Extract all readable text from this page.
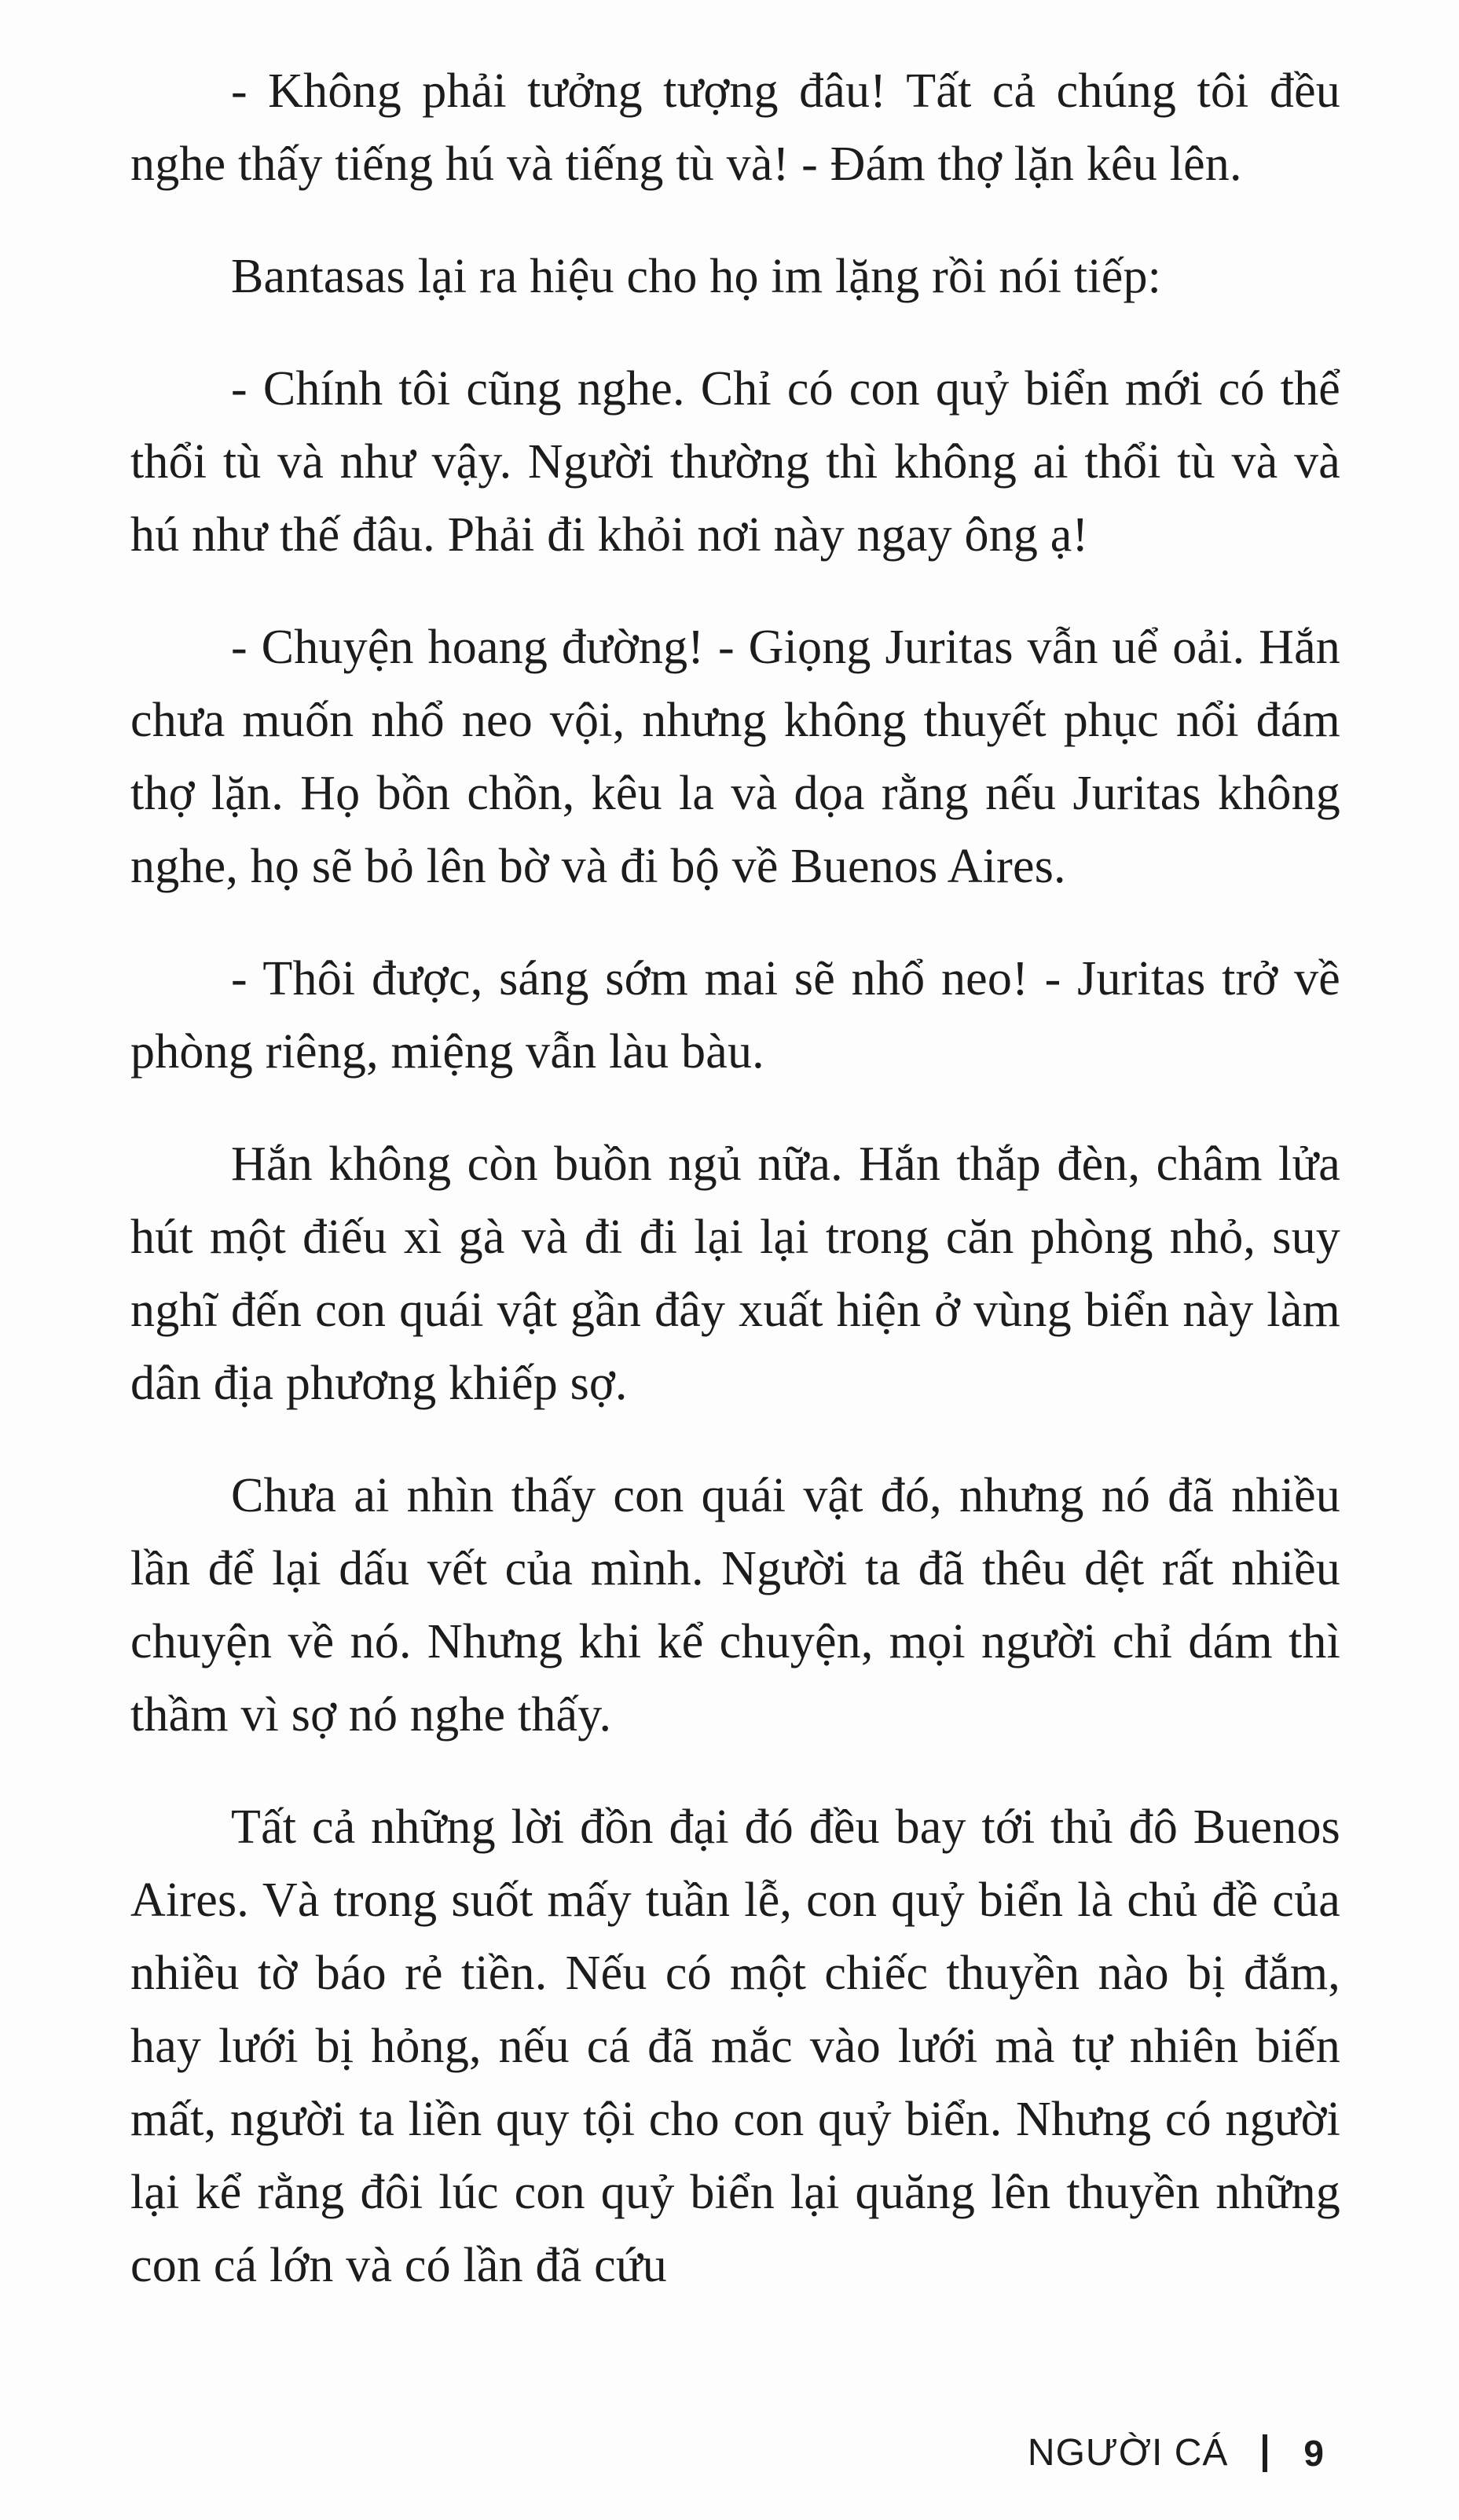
- Không phải tưởng tượng đâu! Tất cả chúng tôi đều nghe thấy tiếng hú và tiếng tù và! - Đám thợ lặn kêu lên.

Bantasas lại ra hiệu cho họ im lặng rồi nói tiếp:

- Chính tôi cũng nghe. Chỉ có con quỷ biển mới có thể thổi tù và như vậy. Người thường thì không ai thổi tù và và hú như thế đâu. Phải đi khỏi nơi này ngay ông ạ!

- Chuyện hoang đường! - Giọng Juritas vẫn uể oải. Hắn chưa muốn nhổ neo vội, nhưng không thuyết phục nổi đám thợ lặn. Họ bồn chồn, kêu la và dọa rằng nếu Juritas không nghe, họ sẽ bỏ lên bờ và đi bộ về Buenos Aires.

- Thôi được, sáng sớm mai sẽ nhổ neo! - Juritas trở về phòng riêng, miệng vẫn làu bàu.

Hắn không còn buồn ngủ nữa. Hắn thắp đèn, châm lửa hút một điếu xì gà và đi đi lại lại trong căn phòng nhỏ, suy nghĩ đến con quái vật gần đây xuất hiện ở vùng biển này làm dân địa phương khiếp sợ.

Chưa ai nhìn thấy con quái vật đó, nhưng nó đã nhiều lần để lại dấu vết của mình. Người ta đã thêu dệt rất nhiều chuyện về nó. Nhưng khi kể chuyện, mọi người chỉ dám thì thầm vì sợ nó nghe thấy.

Tất cả những lời đồn đại đó đều bay tới thủ đô Buenos Aires. Và trong suốt mấy tuần lễ, con quỷ biển là chủ đề của nhiều tờ báo rẻ tiền. Nếu có một chiếc thuyền nào bị đắm, hay lưới bị hỏng, nếu cá đã mắc vào lưới mà tự nhiên biến mất, người ta liền quy tội cho con quỷ biển. Nhưng có người lại kể rằng đôi lúc con quỷ biển lại quăng lên thuyền những con cá lớn và có lần đã cứu

NGƯỜI CÁ 9
